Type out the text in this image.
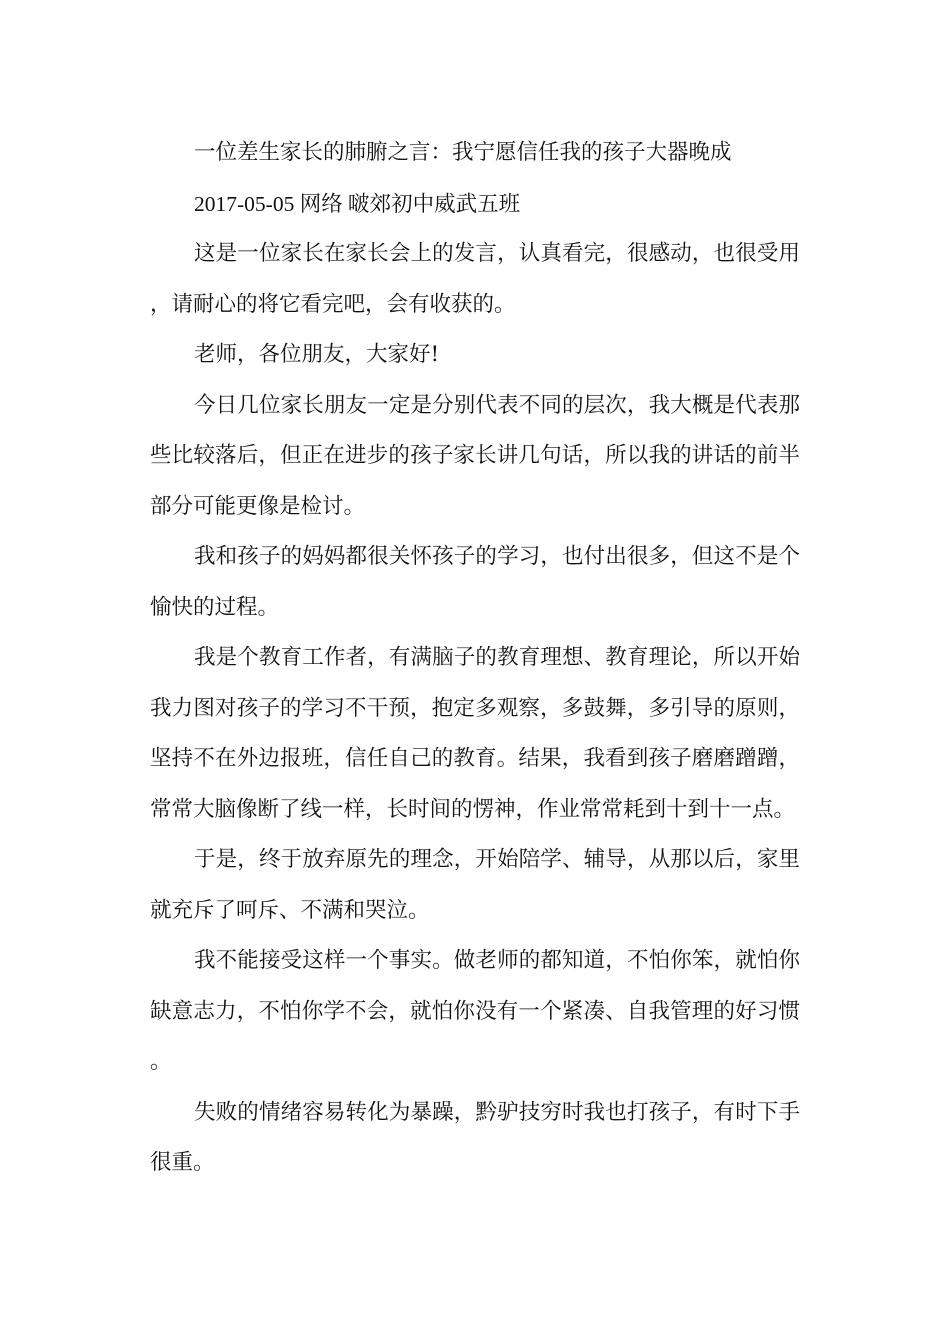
一位差生家长的肺腑之言：我宁愿信任我的孩子大器晚成

2017-05-05 网络 啵郊初中威武五班

这是一位家长在家长会上的发言，认真看完，很感动，也很受用，请耐心的将它看完吧，会有收获的。

老师，各位朋友，大家好!

今日几位家长朋友一定是分别代表不同的层次，我大概是代表那些比较落后，但正在进步的孩子家长讲几句话，所以我的讲话的前半部分可能更像是检讨。

我和孩子的妈妈都很关怀孩子的学习，也付出很多，但这不是个愉快的过程。

我是个教育工作者，有满脑子的教育理想、教育理论，所以开始我力图对孩子的学习不干预，抱定多观察，多鼓舞，多引导的原则，坚持不在外边报班，信任自己的教育。结果，我看到孩子磨磨蹭蹭，常常大脑像断了线一样，长时间的愣神，作业常常耗到十到十一点。

于是，终于放弃原先的理念，开始陪学、辅导，从那以后，家里就充斥了呵斥、不满和哭泣。

我不能接受这样一个事实。做老师的都知道，不怕你笨，就怕你缺意志力，不怕你学不会，就怕你没有一个紧凑、自我管理的好习惯。

失败的情绪容易转化为暴躁，黔驴技穷时我也打孩子，有时下手很重。
